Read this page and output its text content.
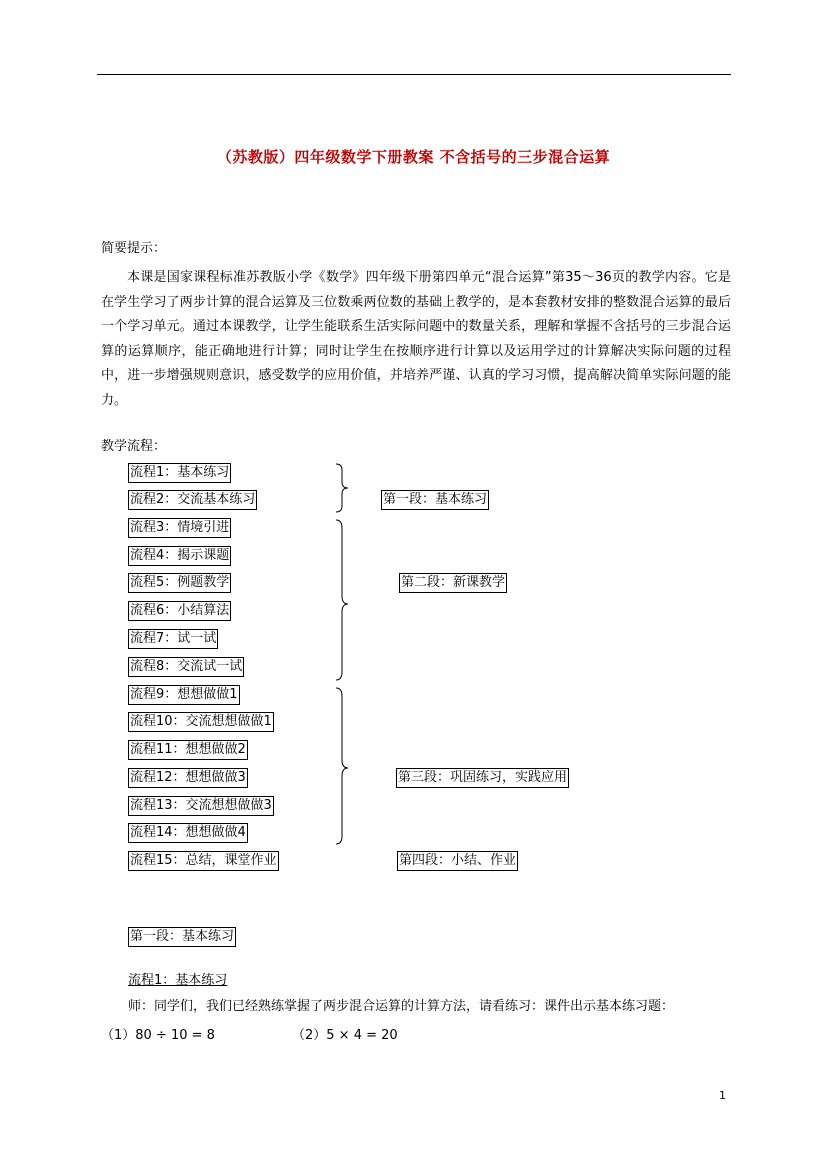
（苏教版）四年级数学下册教案 不含括号的三步混合运算
简要提示：
本课是国家课程标准苏教版小学《数学》四年级下册第四单元“混合运算”第35～36页的教学内容。它是在学生学习了两步计算的混合运算及三位数乘两位数的基础上教学的，是本套教材安排的整数混合运算的最后一个学习单元。通过本课教学，让学生能联系生活实际问题中的数量关系，理解和掌握不含括号的三步混合运算的运算顺序，能正确地进行计算；同时让学生在按顺序进行计算以及运用学过的计算解决实际问题的过程中，进一步增强规则意识，感受数学的应用价值，并培养严谨、认真的学习习惯，提高解决简单实际问题的能力。
教学流程：
流程1：基本练习
流程2：交流基本练习
流程3：情境引进
流程4：揭示课题
流程5：例题教学
流程6：小结算法
流程7：试一试
流程8：交流试一试
流程9：想想做做1
流程10：交流想想做做1
流程11：想想做做2
流程12：想想做做3
流程13：交流想想做做3
流程14：想想做做4
流程15：总结，课堂作业
第一段：基本练习
第二段：新课教学
第三段：巩固练习，实践应用
第四段：小结、作业
第一段：基本练习
流程1：基本练习
师：同学们，我们已经熟练掌握了两步混合运算的计算方法，请看练习：课件出示基本练习题：
（1）80 ÷ 10 = 8	（2）5 × 4 = 20
1
